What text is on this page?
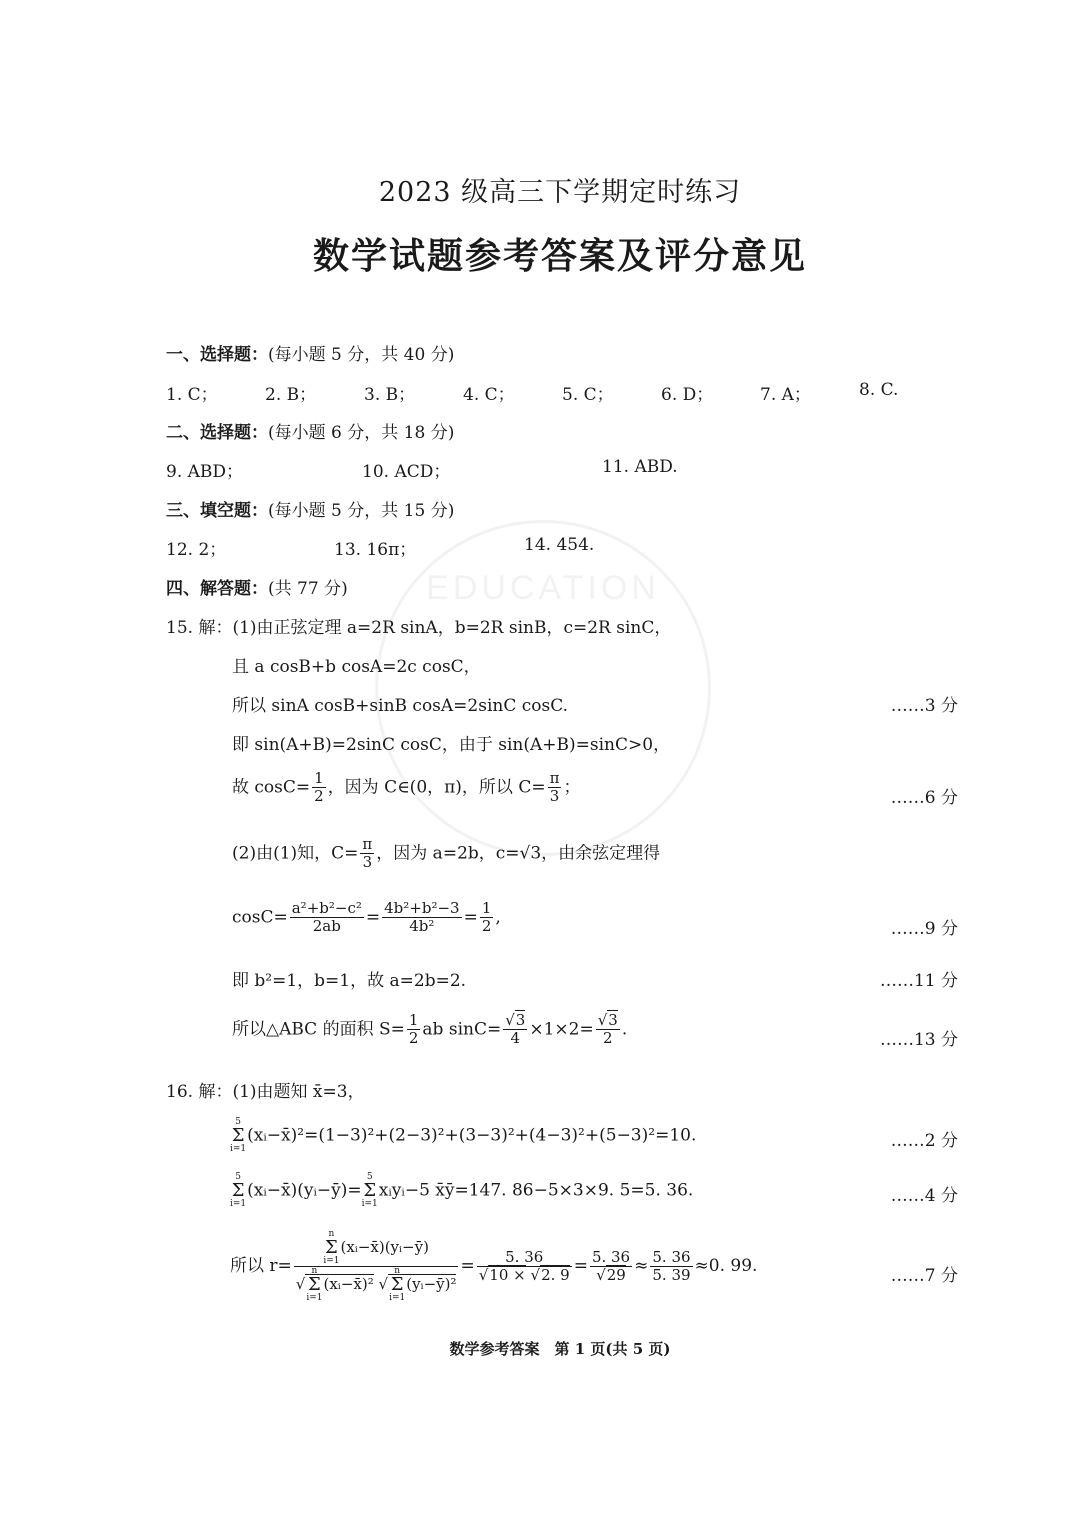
EDUCATION
2023 级高三下学期定时练习
数学试题参考答案及评分意见
一、选择题：(每小题 5 分，共 40 分)
1. C；	2. B；	3. B；	4. C；	5. C；	6. D；	7. A；	8. C.
二、选择题：(每小题 6 分，共 18 分)
9. ABD；	10. ACD；	11. ABD.
三、填空题：(每小题 5 分，共 15 分)
12. 2；	13. 16π；	14. 454.
四、解答题：(共 77 分)
15. 解：(1)由正弦定理 a=2R sinA，b=2R sinB，c=2R sinC，
且 a cosB+b cosA=2c cosC，
所以 sinA cosB+sinB cosA=2sinC cosC.	……3 分
即 sin(A+B)=2sinC cosC，由于 sin(A+B)=sinC>0，
故 $\cos C= \frac{1}{2}$ ，因为 C∈(0，π)，所以 $C= \frac{\pi}{3}$ ；
……6 分
(2)由(1)知，$C= \frac{\pi}{3}$ ，因为 a=2b，c=√3，由余弦定理得
$\cos C= \frac{\text{a²+b²−c²}}{2ab} = \frac{\text{4b²+b²−3}}{\text{4b²}} = \frac{1}{2}$ ,
……9 分
即 b²=1，b=1，故 a=2b=2.	……11 分
所以△ABC 的面积 $S= \frac{1}{2}$ ab $\sin C= \frac{√3}{4} \times 1\times 2= \frac{√3}{2}$ .
……13 分
16. 解：(1)由题知 x̄=3，
5
Σ
i=1(xᵢ−x̄)²=(1−3)²+(2−3)²+(3−3)²+(4−3)²+(5−3)²=10.	……2 分
5
Σ
i=1(xᵢ−x̄)(yᵢ−ȳ)=5
Σ
i=1xᵢyᵢ−5 x̄ȳ=147. 86−5×3×9. 5=5. 36.	……4 分
所以 r= n
Σ
i=1(xᵢ−x̄)(yᵢ−ȳ)
√n
Σ
i=1(xᵢ−x̄)² √n
Σ
i=1(yᵢ−ȳ)² = $\frac{5. 36}{√10 \times √2. 9} = \frac{5. 36}{√29} \approx \frac{5. 36}{5. 39} \approx 0$. 99.	……7 分
数学参考答案　第 1 页(共 5 页)
